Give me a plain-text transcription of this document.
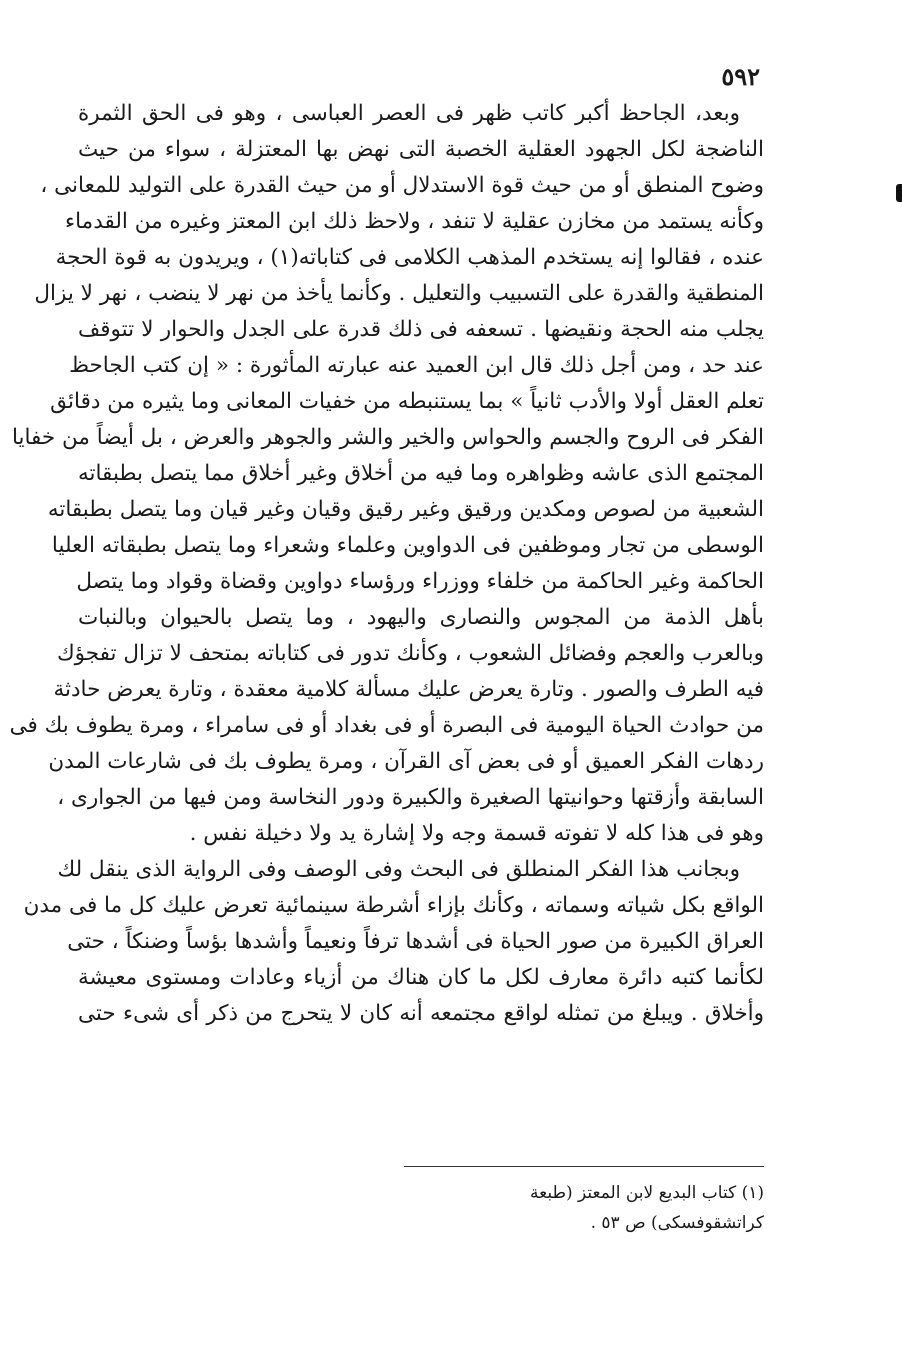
٥٩٢
وبعد، الجاحظ أكبر كاتب ظهر فى العصر العباسى ، وهو فى الحق الثمرة
الناضجة لكل الجهود العقلية الخصبة التى نهض بها المعتزلة ، سواء من حيث
وضوح المنطق أو من حيث قوة الاستدلال أو من حيث القدرة على التوليد للمعانى ،
وكأنه يستمد من مخازن عقلية لا تنفد ، ولاحظ ذلك ابن المعتز وغيره من القدماء
عنده ، فقالوا إنه يستخدم المذهب الكلامى فى كتاباته(١) ، ويريدون به قوة الحجة
المنطقية والقدرة على التسبيب والتعليل . وكأنما يأخذ من نهر لا ينضب ، نهر لا يزال
يجلب منه الحجة ونقيضها . تسعفه فى ذلك قدرة على الجدل والحوار لا تتوقف
عند حد ، ومن أجل ذلك قال ابن العميد عنه عبارته المأثورة : « إن كتب الجاحظ
تعلم العقل أولا والأدب ثانياً » بما يستنبطه من خفيات المعانى وما يثيره من دقائق
الفكر فى الروح والجسم والحواس والخير والشر والجوهر والعرض ، بل أيضاً من خفايا
المجتمع الذى عاشه وظواهره وما فيه من أخلاق وغير أخلاق مما يتصل بطبقاته
الشعبية من لصوص ومكدين ورقيق وغير رقيق وقيان وغير قيان وما يتصل بطبقاته
الوسطى من تجار وموظفين فى الدواوين وعلماء وشعراء وما يتصل بطبقاته العليا
الحاكمة وغير الحاكمة من خلفاء ووزراء ورؤساء دواوين وقضاة وقواد وما يتصل
بأهل الذمة من المجوس والنصارى واليهود ، وما يتصل بالحيوان وبالنبات
وبالعرب والعجم وفضائل الشعوب ، وكأنك تدور فى كتاباته بمتحف لا تزال تفجؤك
فيه الطرف والصور . وتارة يعرض عليك مسألة كلامية معقدة ، وتارة يعرض حادثة
من حوادث الحياة اليومية فى البصرة أو فى بغداد أو فى سامراء ، ومرة يطوف بك فى
ردهات الفكر العميق أو فى بعض آى القرآن ، ومرة يطوف بك فى شارعات المدن
السابقة وأزقتها وحوانيتها الصغيرة والكبيرة ودور النخاسة ومن فيها من الجوارى ،
وهو فى هذا كله لا تفوته قسمة وجه ولا إشارة يد ولا دخيلة نفس .
وبجانب هذا الفكر المنطلق فى البحث وفى الوصف وفى الرواية الذى ينقل لك
الواقع بكل شياته وسماته ، وكأنك بإزاء أشرطة سينمائية تعرض عليك كل ما فى مدن
العراق الكبيرة من صور الحياة فى أشدها ترفاً ونعيماً وأشدها بؤساً وضنكاً ، حتى
لكأنما كتبه دائرة معارف لكل ما كان هناك من أزياء وعادات ومستوى معيشة
وأخلاق . ويبلغ من تمثله لواقع مجتمعه أنه كان لا يتحرج من ذكر أى شىء حتى
(١) كتاب البديع لابن المعتز (طبعة
كراتشقوفسكى) ص ٥٣ .
